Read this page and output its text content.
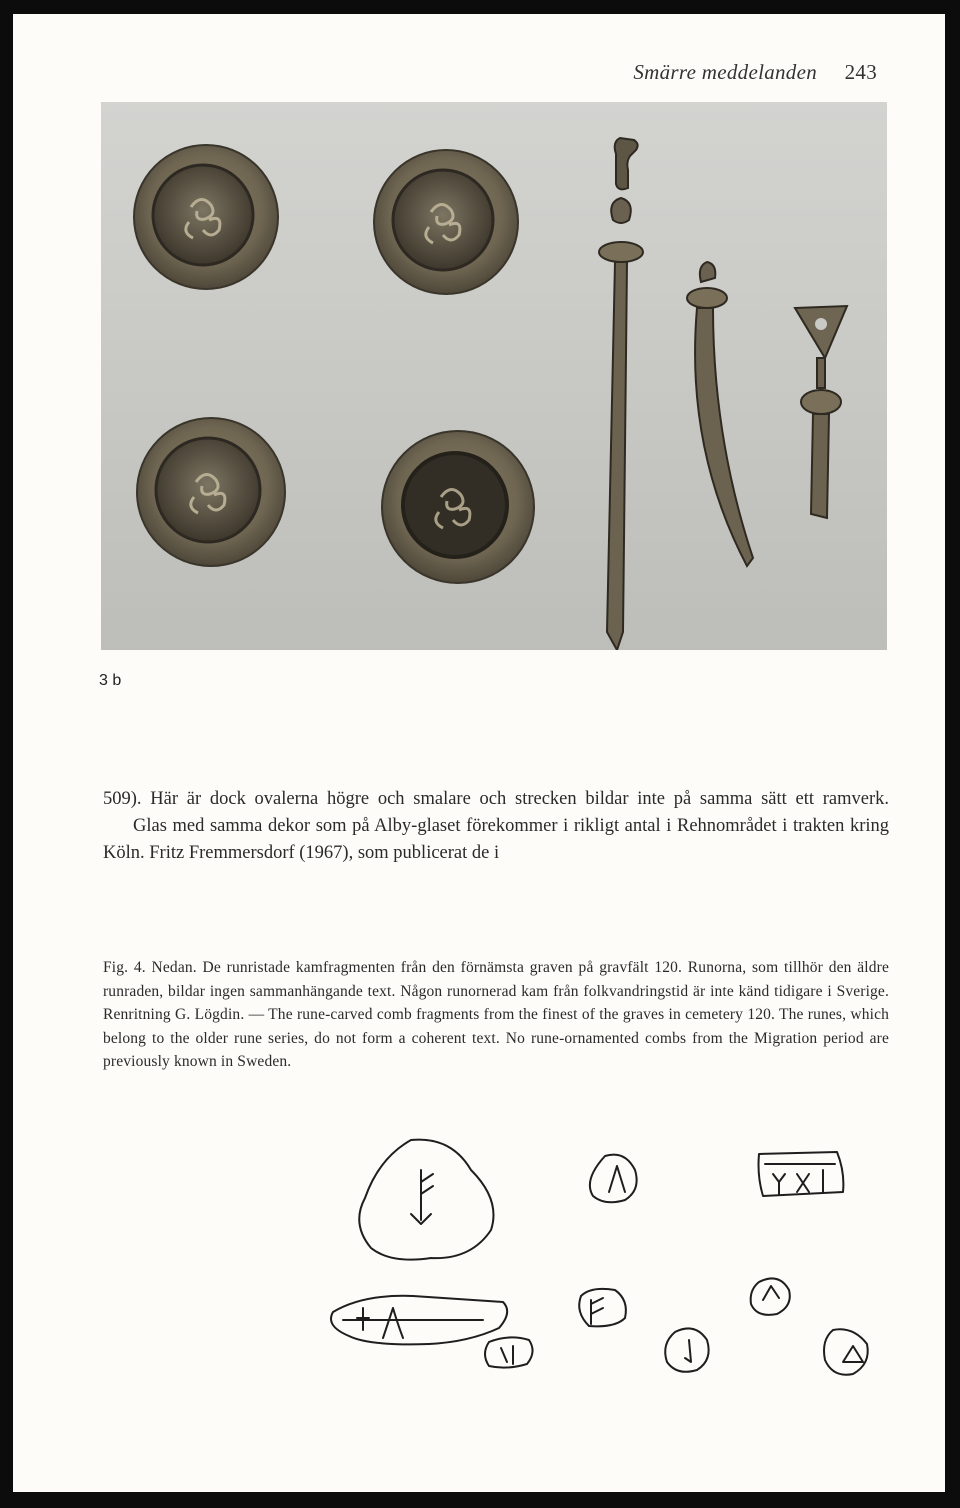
Smärre meddelanden 243
3 b

509). Här är dock ovalerna högre och smalare och strecken bildar inte på samma sätt ett ramverk.

Glas med samma dekor som på Alby-glaset förekommer i rikligt antal i Rehnområdet i trakten kring Köln. Fritz Fremmersdorf (1967), som publicerat de i

Fig. 4. Nedan. De runristade kamfragmenten från den förnämsta graven på gravfält 120. Runorna, som tillhör den äldre runraden, bildar ingen sammanhängande text. Någon runornerad kam från folkvandringstid är inte känd tidigare i Sverige. Renritning G. Lögdin. — The rune-carved comb fragments from the finest of the graves in cemetery 120. The runes, which belong to the older rune series, do not form a coherent text. No rune-ornamented combs from the Migration period are previously known in Sweden.
